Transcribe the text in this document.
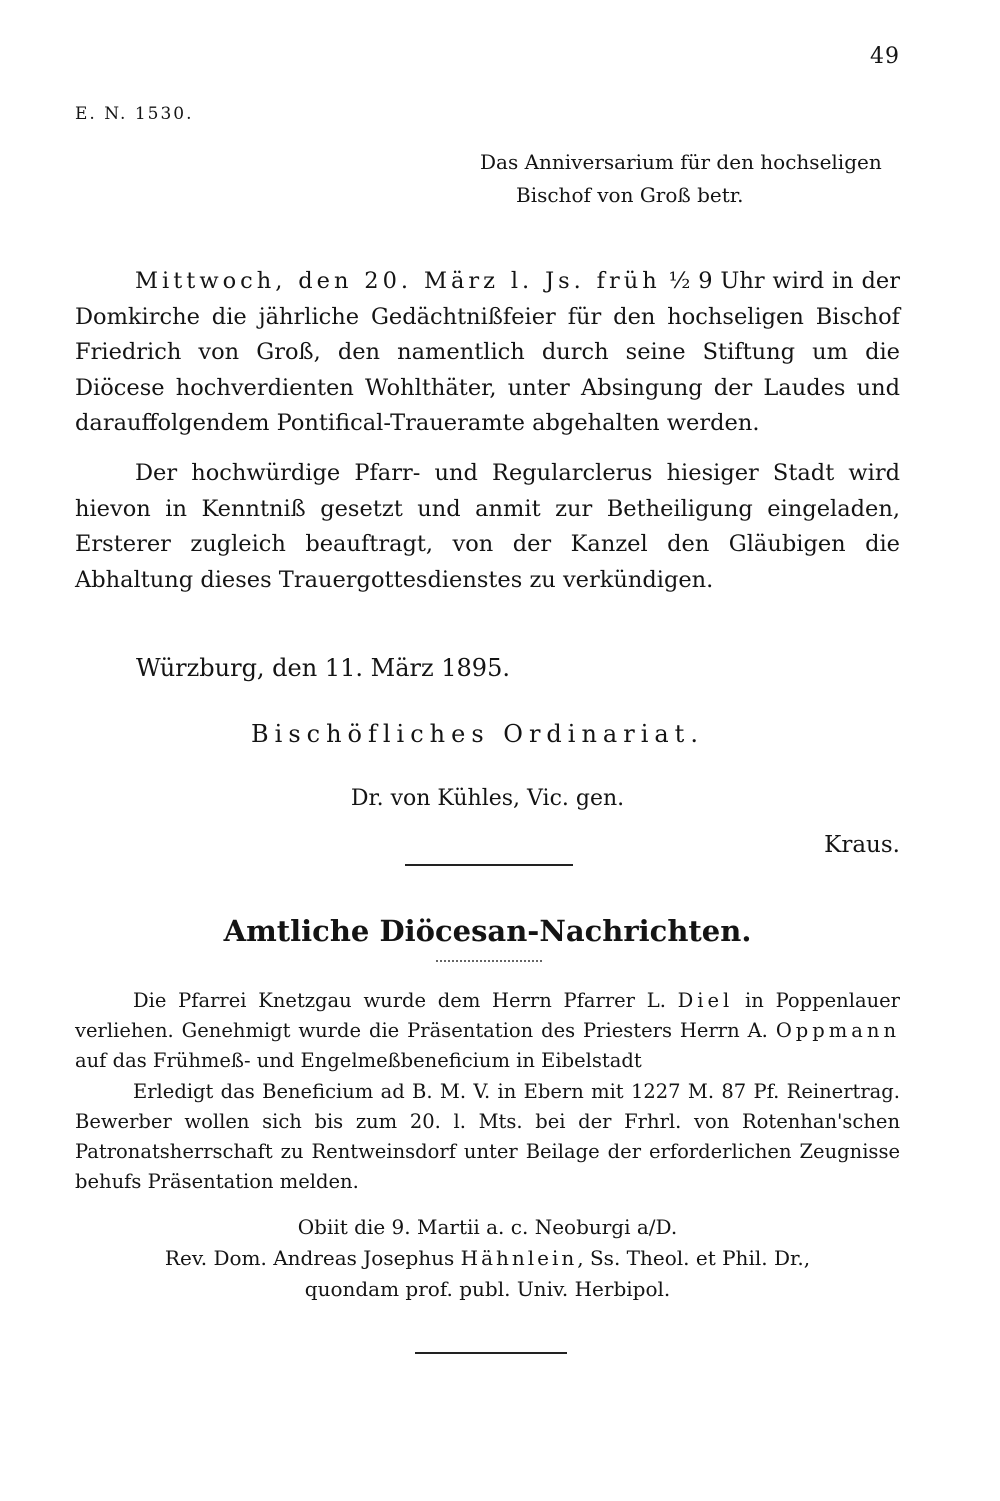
49
E. N. 1530.
Das Anniversarium für den hochseligen
Bischof von Groß betr.

Mittwoch, den 20. März l. Js. früh ½ 9 Uhr wird in der Domkirche die jährliche Gedächtnißfeier für den hochseligen Bischof Friedrich von Groß, den namentlich durch seine Stiftung um die Diöcese hochverdienten Wohlthäter, unter Absingung der Laudes und darauffolgendem Pontifical-Traueramte abgehalten werden.

Der hochwürdige Pfarr- und Regularclerus hiesiger Stadt wird hievon in Kenntniß gesetzt und anmit zur Betheiligung eingeladen, Ersterer zugleich beauftragt, von der Kanzel den Gläubigen die Abhaltung dieses Trauergottesdienstes zu verkündigen.

Würzburg, den 11. März 1895.
Bischöfliches Ordinariat.
Dr. von Kühles, Vic. gen.
Kraus.
Amtliche Diöcesan-Nachrichten.

Die Pfarrei Knetzgau wurde dem Herrn Pfarrer L. Diel in Poppenlauer verliehen. Genehmigt wurde die Präsentation des Priesters Herrn A. Oppmann auf das Frühmeß- und Engelmeßbeneficium in Eibelstadt

Erledigt das Beneficium ad B. M. V. in Ebern mit 1227 M. 87 Pf. Reinertrag. Bewerber wollen sich bis zum 20. l. Mts. bei der Frhrl. von Rotenhan'schen Patronatsherrschaft zu Rentweinsdorf unter Beilage der erforderlichen Zeugnisse behufs Präsentation melden.

Obiit die 9. Martii a. c. Neoburgi a/D.
Rev. Dom. Andreas Josephus Hähnlein, Ss. Theol. et Phil. Dr.,
quondam prof. publ. Univ. Herbipol.
